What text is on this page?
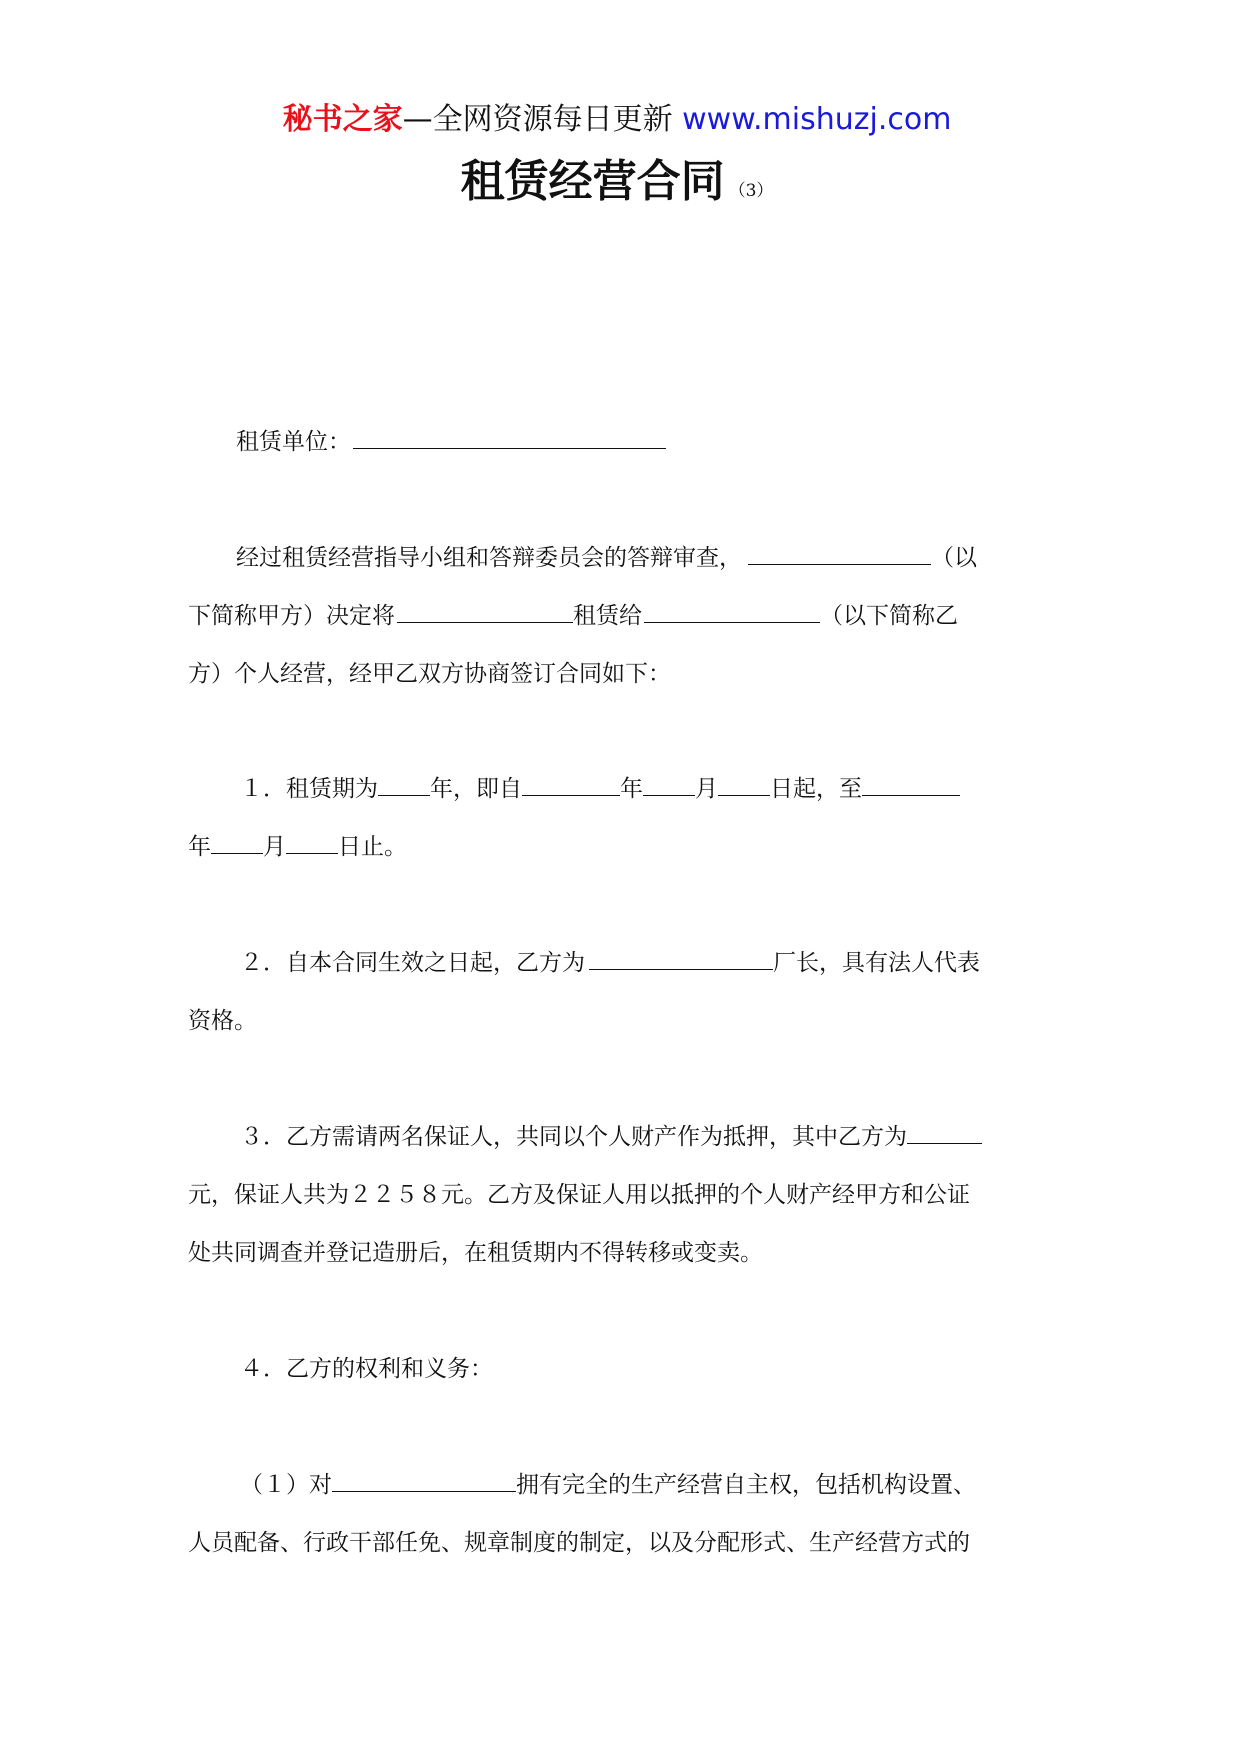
秘书之家—全网资源每日更新 www.mishuzj.com
租赁经营合同 （3）
租赁单位：
经过租赁经营指导小组和答辩委员会的答辩审查，	（以
下简称甲方）决定将	租赁给	（以下简称乙
方）个人经营，经甲乙双方协商签订合同如下：
１．租赁期为 年，即自	年 月 日起，至
年 月 日止。
２．自本合同生效之日起，乙方为	厂长，具有法人代表
资格。
３．乙方需请两名保证人，共同以个人财产作为抵押，其中乙方为
元，保证人共为２２５８元。乙方及保证人用以抵押的个人财产经甲方和公证
处共同调查并登记造册后，在租赁期内不得转移或变卖。
４．乙方的权利和义务：
（１）对	拥有完全的生产经营自主权，包括机构设置、
人员配备、行政干部任免、规章制度的制定，以及分配形式、生产经营方式的
